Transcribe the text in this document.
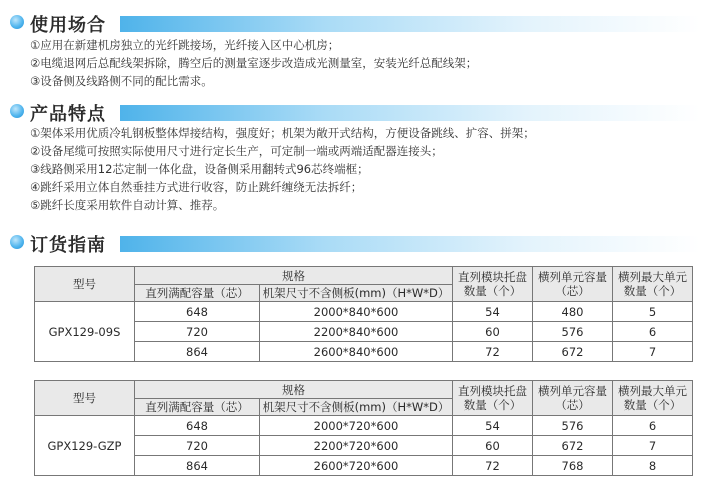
使用场合
①应用在新建机房独立的光纤跳接场，光纤接入区中心机房；
②电缆退网后总配线架拆除，腾空后的测量室逐步改造成光测量室，安装光纤总配线架；
③设备侧及线路侧不同的配比需求。
产品特点
①架体采用优质冷轧钢板整体焊接结构，强度好；机架为敞开式结构，方便设备跳线、扩容、拼架；
②设备尾缆可按照实际使用尺寸进行定长生产，可定制一端或两端适配器连接头；
③线路侧采用12芯定制一体化盘，设备侧采用翻转式96芯终端框；
④跳纤采用立体自然垂挂方式进行收容，防止跳纤缠绕无法拆纤；
⑤跳纤长度采用软件自动计算、推荐。
订货指南
型号	规格		直列模块托盘数量（个）	横列单元容量（芯）	横列最大单元数量（个）
	直列满配容量（芯）	机架尺寸不含侧板(mm)（H*W*D）			
GPX129-09S	648	2000*840*600	54	480	5
	720	2200*840*600	60	576	6
	864	2600*840*600	72	672	7
型号	规格		直列模块托盘数量（个）	横列单元容量（芯）	横列最大单元数量（个）
	直列满配容量（芯）	机架尺寸不含侧板(mm)（H*W*D）			
GPX129-GZP	648	2000*720*600	54	576	6
	720	2200*720*600	60	672	7
	864	2600*720*600	72	768	8
